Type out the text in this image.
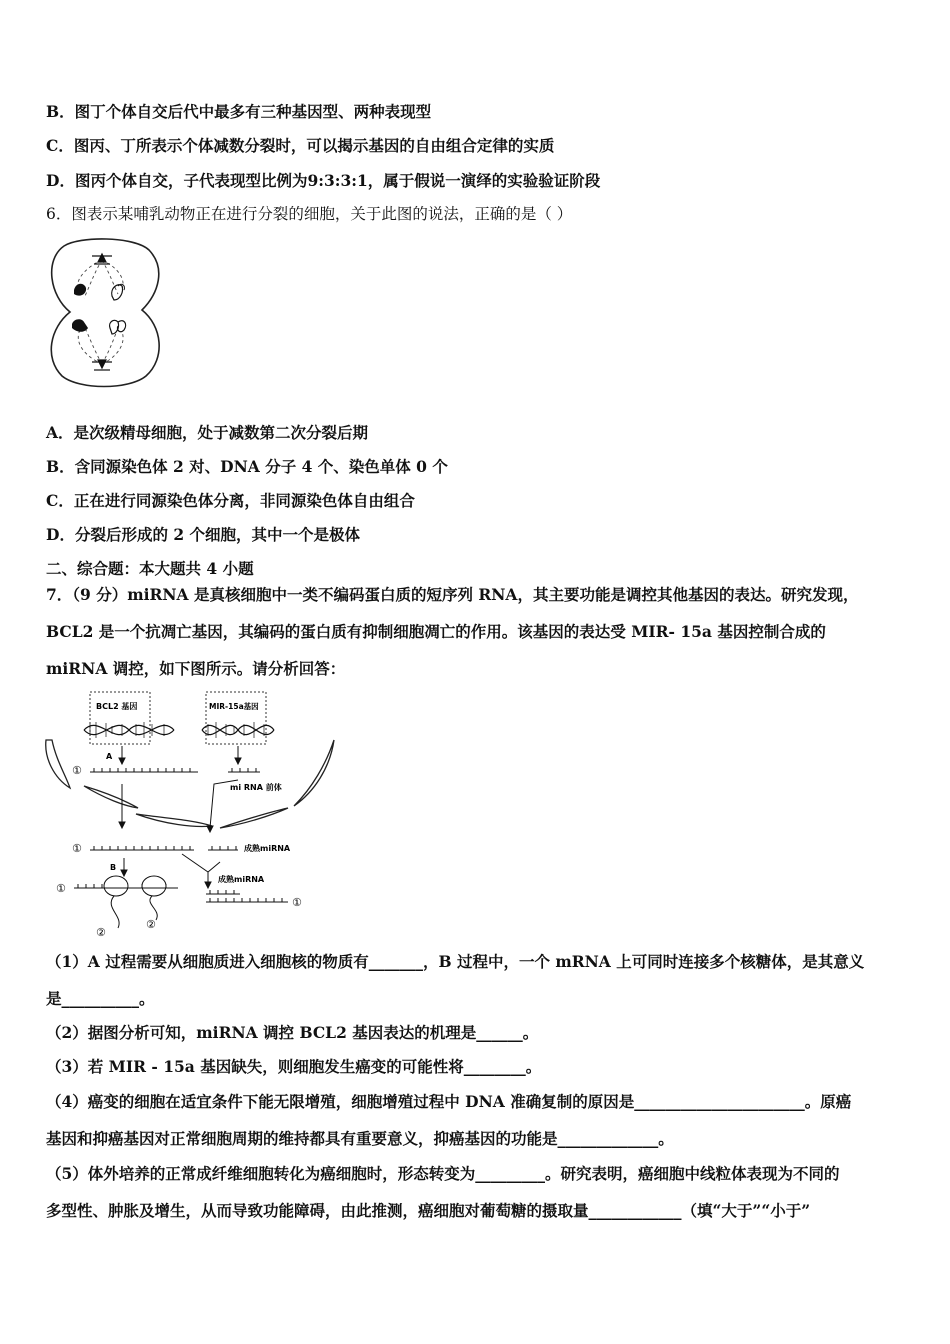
B．图丁个体自交后代中最多有三种基因型、两种表现型
C．图丙、丁所表示个体减数分裂时，可以揭示基因的自由组合定律的实质
D．图丙个体自交，子代表现型比例为9:3:3:1，属于假说一演绎的实验验证阶段
6．图表示某哺乳动物正在进行分裂的细胞，关于此图的说法，正确的是（ ）
A．是次级精母细胞，处于减数第二次分裂后期
B．含同源染色体 2 对、DNA 分子 4 个、染色单体 0 个
C．正在进行同源染色体分离，非同源染色体自由组合
D．分裂后形成的 2 个细胞，其中一个是极体
二、综合题：本大题共 4 小题
7．（9 分）miRNA 是真核细胞中一类不编码蛋白质的短序列 RNA，其主要功能是调控其他基因的表达。研究发现，
BCL2 是一个抗凋亡基因，其编码的蛋白质有抑制细胞凋亡的作用。该基因的表达受 MIR- 15a 基因控制合成的
miRNA 调控，如下图所示。请分析回答：
BCL2 基因	MIR-15a基因
A
①
mi RNA 前体
①	成熟miRNA
B
成熟miRNA
①
①
②
②
（1）A 过程需要从细胞质进入细胞核的物质有_______，B 过程中，一个 mRNA 上可同时连接多个核糖体，是其意义
是__________。
（2）据图分析可知，miRNA 调控 BCL2 基因表达的机理是______。
（3）若 MIR - 15a 基因缺失，则细胞发生癌变的可能性将________。
（4）癌变的细胞在适宜条件下能无限增殖，细胞增殖过程中 DNA 准确复制的原因是______________________。原癌
基因和抑癌基因对正常细胞周期的维持都具有重要意义，抑癌基因的功能是_____________。
（5）体外培养的正常成纤维细胞转化为癌细胞时，形态转变为_________。研究表明，癌细胞中线粒体表现为不同的
多型性、肿胀及增生，从而导致功能障碍，由此推测，癌细胞对葡萄糖的摄取量____________（填“大于”“小于”
